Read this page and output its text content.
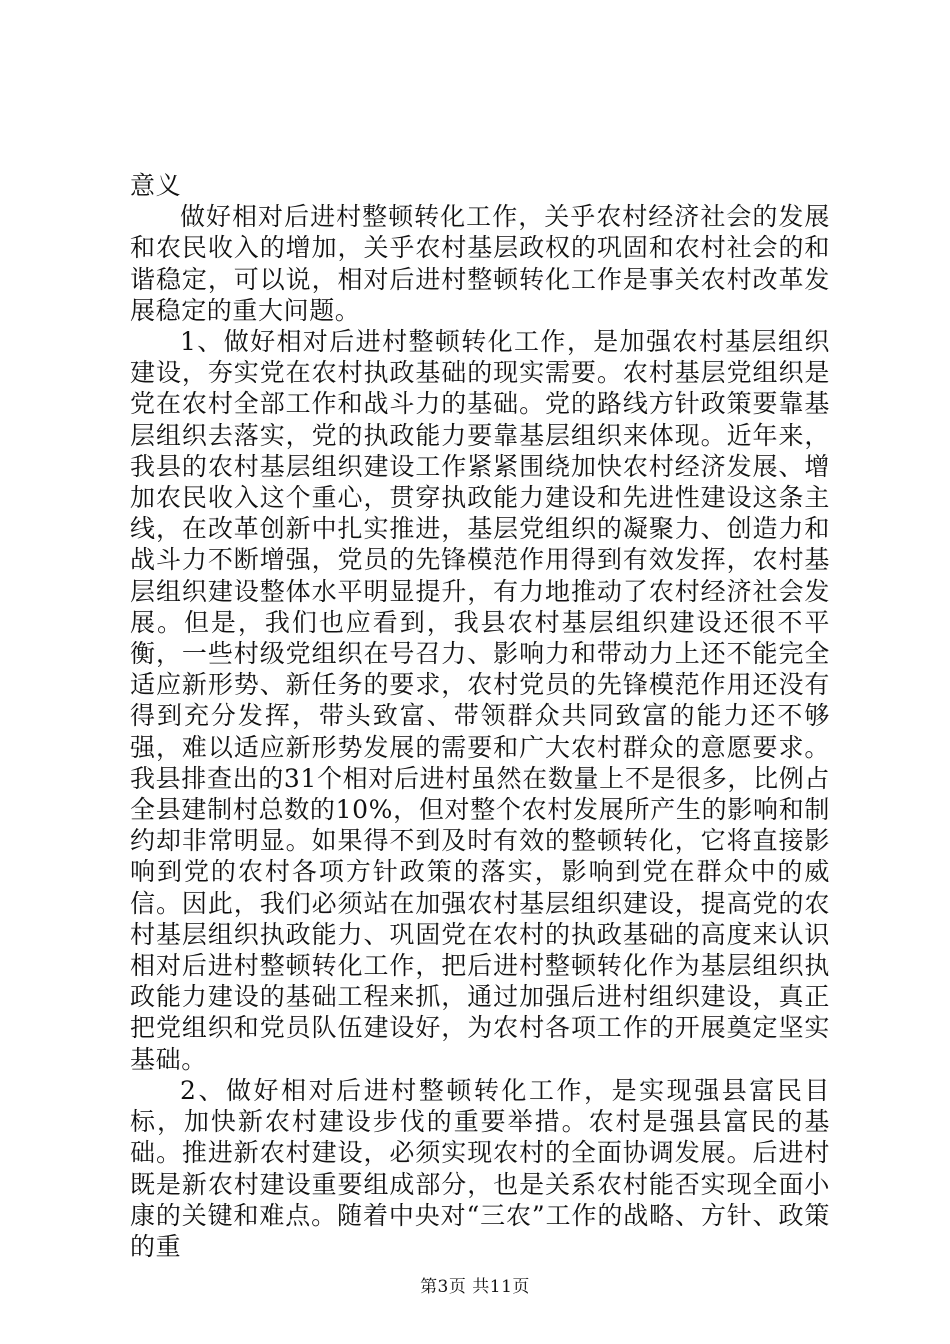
意义

做好相对后进村整顿转化工作，关乎农村经济社会的发展和农民收入的增加，关乎农村基层政权的巩固和农村社会的和谐稳定，可以说，相对后进村整顿转化工作是事关农村改革发展稳定的重大问题。

1、做好相对后进村整顿转化工作，是加强农村基层组织建设，夯实党在农村执政基础的现实需要。农村基层党组织是党在农村全部工作和战斗力的基础。党的路线方针政策要靠基层组织去落实，党的执政能力要靠基层组织来体现。近年来，我县的农村基层组织建设工作紧紧围绕加快农村经济发展、增加农民收入这个重心，贯穿执政能力建设和先进性建设这条主线，在改革创新中扎实推进，基层党组织的凝聚力、创造力和战斗力不断增强，党员的先锋模范作用得到有效发挥，农村基层组织建设整体水平明显提升，有力地推动了农村经济社会发展。但是，我们也应看到，我县农村基层组织建设还很不平衡，一些村级党组织在号召力、影响力和带动力上还不能完全适应新形势、新任务的要求，农村党员的先锋模范作用还没有得到充分发挥，带头致富、带领群众共同致富的能力还不够强，难以适应新形势发展的需要和广大农村群众的意愿要求。我县排查出的31个相对后进村虽然在数量上不是很多，比例占全县建制村总数的10%，但对整个农村发展所产生的影响和制约却非常明显。如果得不到及时有效的整顿转化，它将直接影响到党的农村各项方针政策的落实，影响到党在群众中的威信。因此，我们必须站在加强农村基层组织建设，提高党的农村基层组织执政能力、巩固党在农村的执政基础的高度来认识相对后进村整顿转化工作，把后进村整顿转化作为基层组织执政能力建设的基础工程来抓，通过加强后进村组织建设，真正把党组织和党员队伍建设好，为农村各项工作的开展奠定坚实基础。

2、做好相对后进村整顿转化工作，是实现强县富民目标，加快新农村建设步伐的重要举措。农村是强县富民的基础。推进新农村建设，必须实现农村的全面协调发展。后进村既是新农村建设重要组成部分，也是关系农村能否实现全面小康的关键和难点。随着中央对“三农”工作的战略、方针、政策的重

第3页 共11页
